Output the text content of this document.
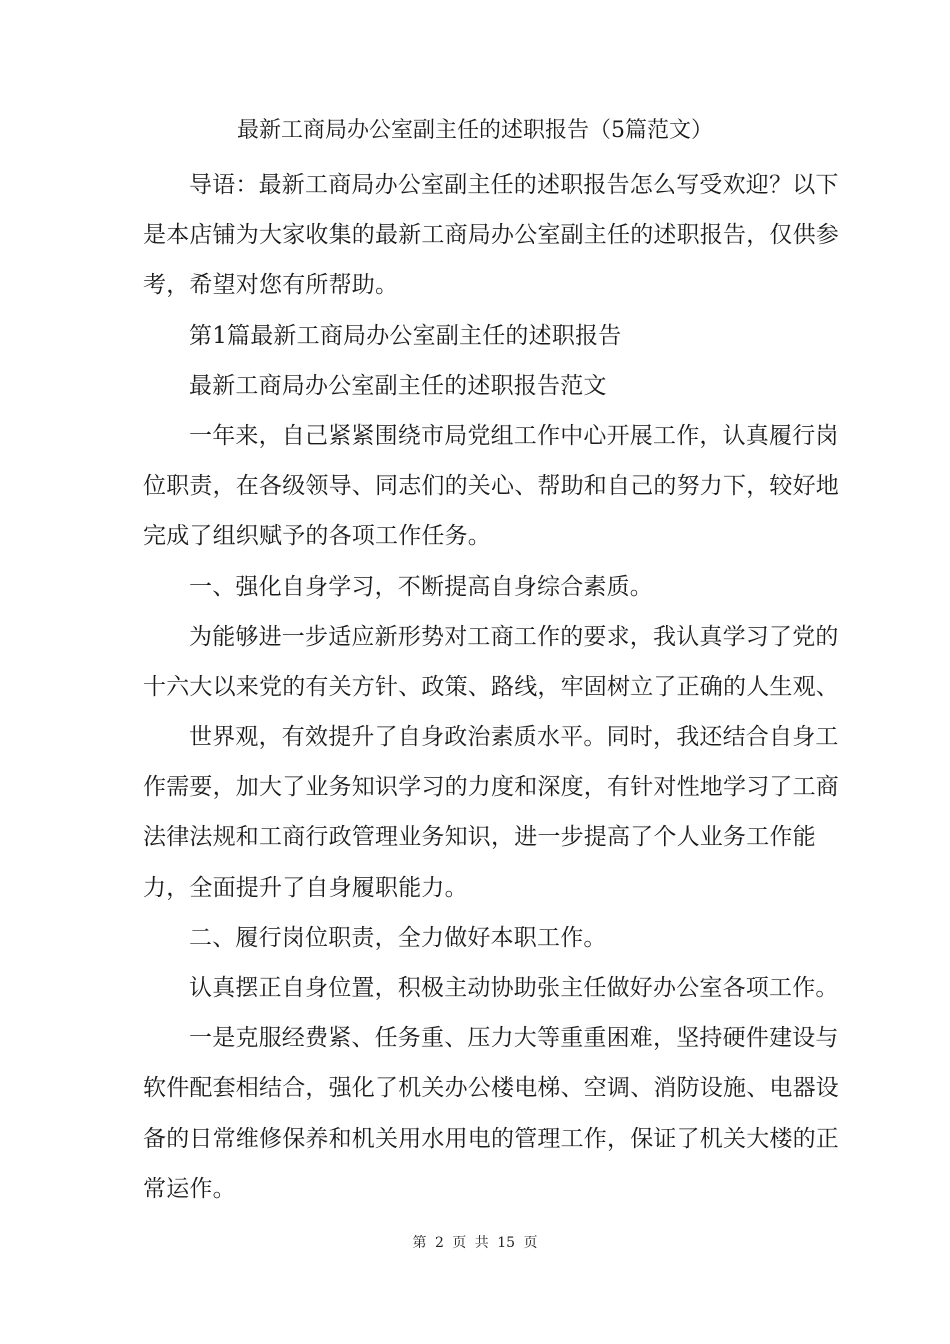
最新工商局办公室副主任的述职报告（5篇范文）
导语：最新工商局办公室副主任的述职报告怎么写受欢迎？以下
是本店铺为大家收集的最新工商局办公室副主任的述职报告，仅供参
考，希望对您有所帮助。
第1篇最新工商局办公室副主任的述职报告
最新工商局办公室副主任的述职报告范文
一年来，自己紧紧围绕市局党组工作中心开展工作，认真履行岗
位职责，在各级领导、同志们的关心、帮助和自己的努力下，较好地
完成了组织赋予的各项工作任务。
一、强化自身学习，不断提高自身综合素质。
为能够进一步适应新形势对工商工作的要求，我认真学习了党的
十六大以来党的有关方针、政策、路线，牢固树立了正确的人生观、
世界观，有效提升了自身政治素质水平。同时，我还结合自身工
作需要，加大了业务知识学习的力度和深度，有针对性地学习了工商
法律法规和工商行政管理业务知识，进一步提高了个人业务工作能
力，全面提升了自身履职能力。
二、履行岗位职责，全力做好本职工作。
认真摆正自身位置，积极主动协助张主任做好办公室各项工作。
一是克服经费紧、任务重、压力大等重重困难，坚持硬件建设与
软件配套相结合，强化了机关办公楼电梯、空调、消防设施、电器设
备的日常维修保养和机关用水用电的管理工作，保证了机关大楼的正
常运作。
第 2 页 共 15 页
